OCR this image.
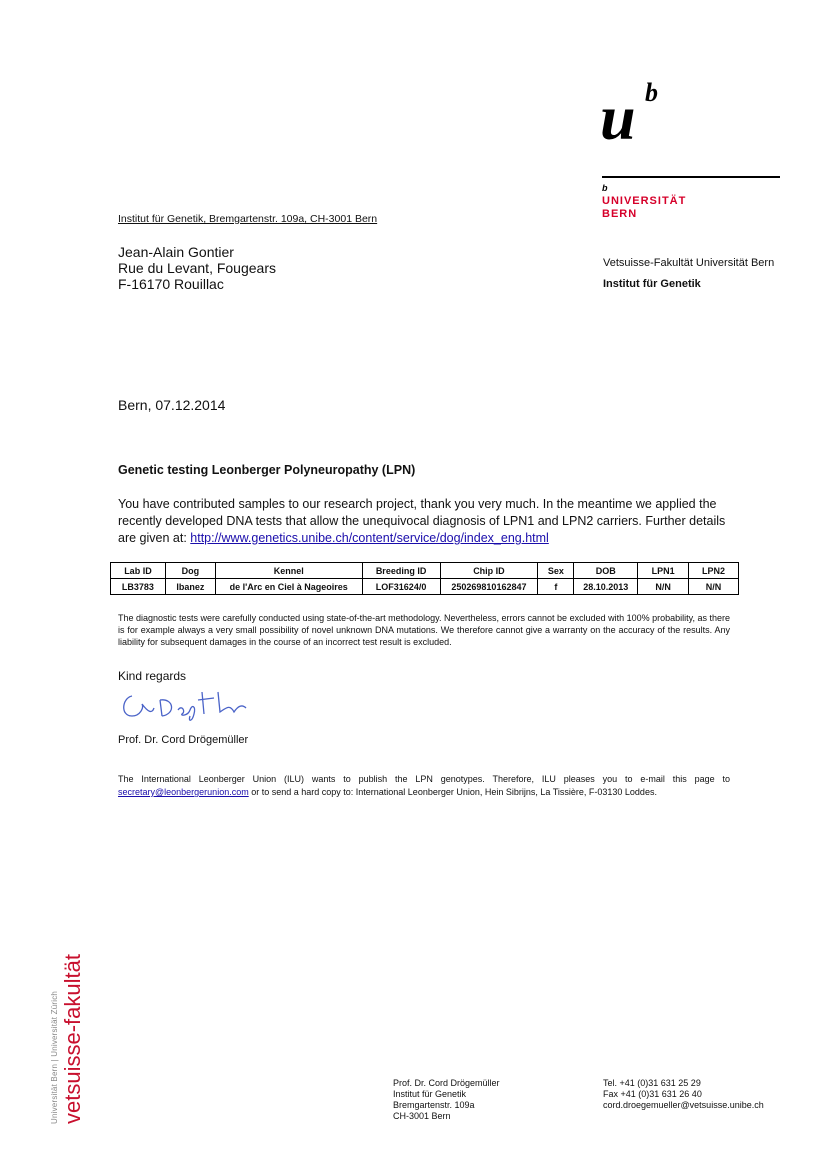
u b
b
UNIVERSITÄT
BERN
Institut für Genetik, Bremgartenstr. 109a, CH-3001 Bern
Jean-Alain Gontier
Rue du Levant, Fougears
F-16170 Rouillac
Vetsuisse-Fakultät Universität Bern
Institut für Genetik
Bern, 07.12.2014
Genetic testing Leonberger Polyneuropathy (LPN)
You have contributed samples to our research project, thank you very much. In the meantime we applied the recently developed DNA tests that allow the unequivocal diagnosis of LPN1 and LPN2 carriers. Further details are given at: http://www.genetics.unibe.ch/content/service/dog/index_eng.html
Lab ID	Dog	Kennel	Breeding ID	Chip ID	Sex	DOB	LPN1	LPN2
LB3783	Ibanez	de l'Arc en Ciel à Nageoires	LOF31624/0	250269810162847	f	28.10.2013	N/N	N/N
The diagnostic tests were carefully conducted using state-of-the-art methodology. Nevertheless, errors cannot be excluded with 100% probability, as there is for example always a very small possibility of novel unknown DNA mutations. We therefore cannot give a warranty on the accuracy of the results. Any liability for subsequent damages in the course of an incorrect test result is excluded.
Kind regards
Prof. Dr. Cord Drögemüller
The International Leonberger Union (ILU) wants to publish the LPN genotypes. Therefore, ILU pleases you to e-mail this page to secretary@leonbergerunion.com or to send a hard copy to: International Leonberger Union, Hein Sibrijns, La Tissière, F-03130 Loddes.
Universität Bern | Universität Zürich vetsuisse-fakultät	Prof. Dr. Cord Drögemüller
Institut für Genetik
Bremgartenstr. 109a
CH-3001 Bern
Tel. +41 (0)31 631 25 29
Fax +41 (0)31 631 26 40
cord.droegemueller@vetsuisse.unibe.ch
